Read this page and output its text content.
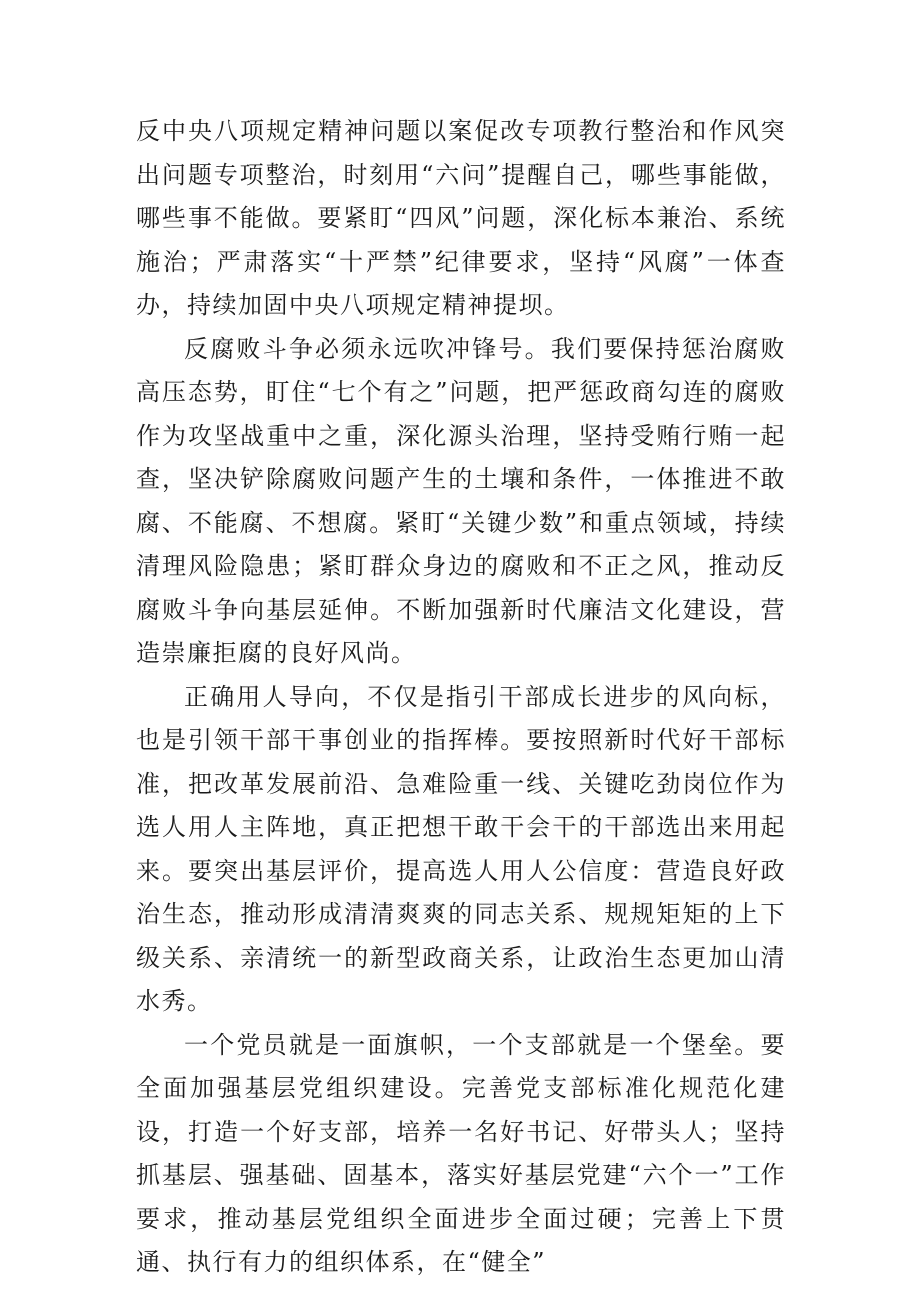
反中央八项规定精神问题以案促改专项教行整治和作风突出问题专项整治，时刻用“六问”提醒自己，哪些事能做，哪些事不能做。要紧盯“四风”问题，深化标本兼治、系统施治；严肃落实“十严禁”纪律要求，坚持“风腐”一体查办，持续加固中央八项规定精神提坝。

反腐败斗争必须永远吹冲锋号。我们要保持惩治腐败高压态势，盯住“七个有之”问题，把严惩政商勾连的腐败作为攻坚战重中之重，深化源头治理，坚持受贿行贿一起查，坚决铲除腐败问题产生的土壤和条件，一体推进不敢腐、不能腐、不想腐。紧盯“关键少数”和重点领域，持续清理风险隐患；紧盯群众身边的腐败和不正之风，推动反腐败斗争向基层延伸。不断加强新时代廉洁文化建设，营造崇廉拒腐的良好风尚。

正确用人导向，不仅是指引干部成长进步的风向标，也是引领干部干事创业的指挥棒。要按照新时代好干部标准，把改革发展前沿、急难险重一线、关键吃劲岗位作为选人用人主阵地，真正把想干敢干会干的干部选出来用起来。要突出基层评价，提高选人用人公信度：营造良好政治生态，推动形成清清爽爽的同志关系、规规矩矩的上下级关系、亲清统一的新型政商关系，让政治生态更加山清水秀。

一个党员就是一面旗帜，一个支部就是一个堡垒。要全面加强基层党组织建设。完善党支部标准化规范化建设，打造一个好支部，培养一名好书记、好带头人；坚持抓基层、强基础、固基本，落实好基层党建“六个一”工作要求，推动基层党组织全面进步全面过硬；完善上下贯通、执行有力的组织体系，在“健全”
